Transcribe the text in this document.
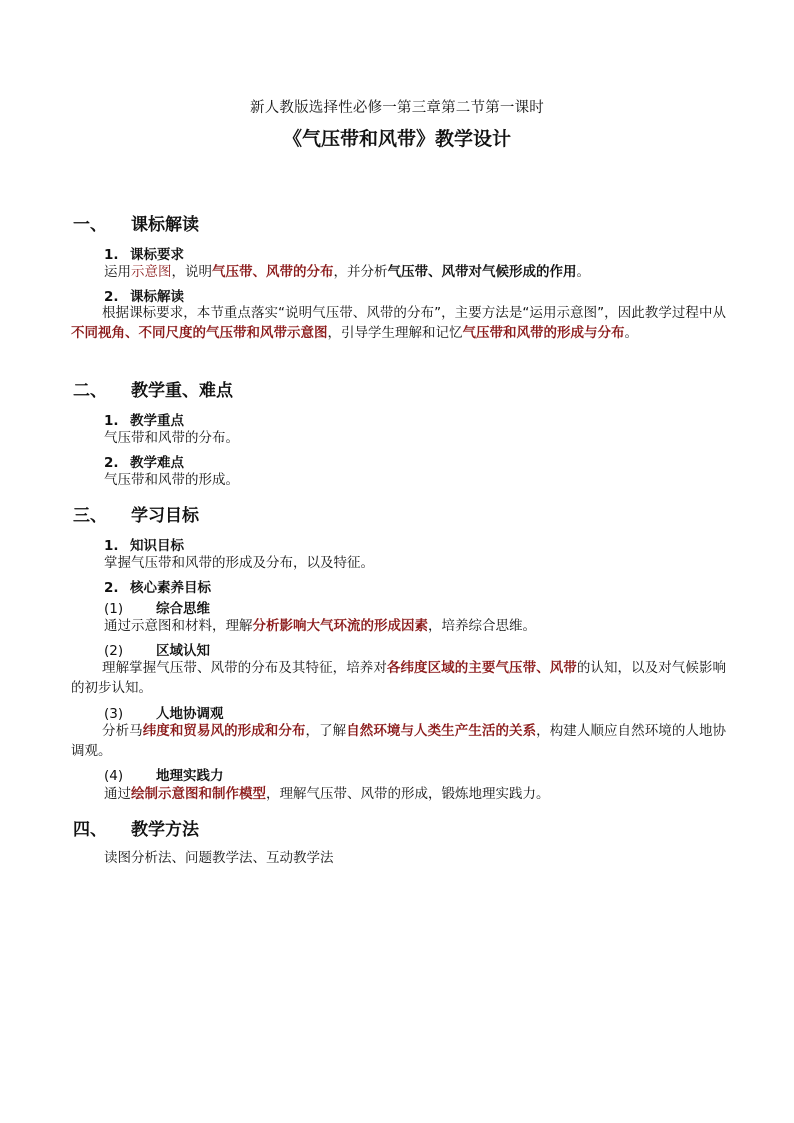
新人教版选择性必修一第三章第二节第一课时
《气压带和风带》教学设计
一、 课标解读
1. 课标要求
运用示意图，说明气压带、风带的分布，并分析气压带、风带对气候形成的作用。
2. 课标解读
根据课标要求，本节重点落实“说明气压带、风带的分布”，主要方法是“运用示意图”，因此教学过程中从不同视角、不同尺度的气压带和风带示意图，引导学生理解和记忆气压带和风带的形成与分布。
二、 教学重、难点
1. 教学重点
气压带和风带的分布。
2. 教学难点
气压带和风带的形成。
三、 学习目标
1. 知识目标
掌握气压带和风带的形成及分布，以及特征。
2. 核心素养目标
(1) 综合思维
通过示意图和材料，理解分析影响大气环流的形成因素，培养综合思维。
(2) 区域认知
理解掌握气压带、风带的分布及其特征，培养对各纬度区域的主要气压带、风带的认知，以及对气候影响的初步认知。
(3) 人地协调观
分析马纬度和贸易风的形成和分布，了解自然环境与人类生产生活的关系，构建人顺应自然环境的人地协调观。
(4) 地理实践力
通过绘制示意图和制作模型，理解气压带、风带的形成，锻炼地理实践力。
四、 教学方法
读图分析法、问题教学法、互动教学法
